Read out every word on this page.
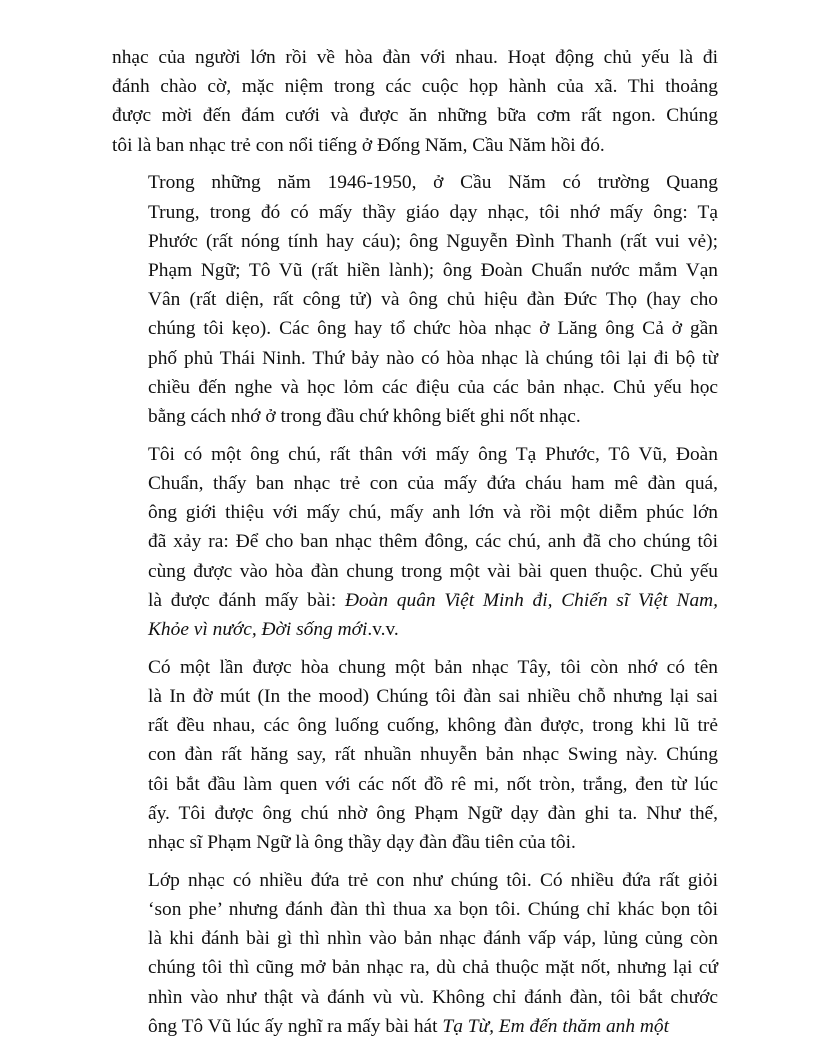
nhạc của người lớn rồi về hòa đàn với nhau. Hoạt động chủ yếu là đi
đánh chào cờ, mặc niệm trong các cuộc họp hành của xã. Thi thoảng
được mời đến đám cưới và được ăn những bữa cơm rất ngon. Chúng
tôi là ban nhạc trẻ con nổi tiếng ở Đống Năm, Cầu Năm hồi đó.

Trong những năm 1946-1950, ở Cầu Năm có trường Quang
Trung, trong đó có mấy thầy giáo dạy nhạc, tôi nhớ mấy ông: Tạ
Phước (rất nóng tính hay cáu); ông Nguyễn Đình Thanh (rất vui vẻ);
Phạm Ngữ; Tô Vũ (rất hiền lành); ông Đoàn Chuẩn nước mắm Vạn
Vân (rất diện, rất công tử) và ông chủ hiệu đàn Đức Thọ (hay cho
chúng tôi kẹo). Các ông hay tổ chức hòa nhạc ở Lăng ông Cả ở gần
phố phủ Thái Ninh. Thứ bảy nào có hòa nhạc là chúng tôi lại đi bộ từ
chiều đến nghe và học lỏm các điệu của các bản nhạc. Chủ yếu học
bằng cách nhớ ở trong đầu chứ không biết ghi nốt nhạc.

Tôi có một ông chú, rất thân với mấy ông Tạ Phước, Tô Vũ, Đoàn
Chuẩn, thấy ban nhạc trẻ con của mấy đứa cháu ham mê đàn quá,
ông giới thiệu với mấy chú, mấy anh lớn và rồi một diễm phúc lớn
đã xảy ra: Để cho ban nhạc thêm đông, các chú, anh đã cho chúng tôi
cùng được vào hòa đàn chung trong một vài bài quen thuộc. Chủ yếu
là được đánh mấy bài: Đoàn quân Việt Minh đi, Chiến sĩ Việt Nam,
Khỏe vì nước, Đời sống mới.v.v.

Có một lần được hòa chung một bản nhạc Tây, tôi còn nhớ có tên
là In đờ mút (In the mood) Chúng tôi đàn sai nhiều chỗ nhưng lại sai
rất đều nhau, các ông luống cuống, không đàn được, trong khi lũ trẻ
con đàn rất hăng say, rất nhuần nhuyễn bản nhạc Swing này. Chúng
tôi bắt đầu làm quen với các nốt đồ rê mi, nốt tròn, trắng, đen từ lúc
ấy. Tôi được ông chú nhờ ông Phạm Ngữ dạy đàn ghi ta. Như thế,
nhạc sĩ Phạm Ngữ là ông thầy dạy đàn đầu tiên của tôi.

Lớp nhạc có nhiều đứa trẻ con như chúng tôi. Có nhiều đứa rất giỏi
‘son phe’ nhưng đánh đàn thì thua xa bọn tôi. Chúng chỉ khác bọn tôi
là khi đánh bài gì thì nhìn vào bản nhạc đánh vấp váp, lủng củng còn
chúng tôi thì cũng mở bản nhạc ra, dù chả thuộc mặt nốt, nhưng lại cứ
nhìn vào như thật và đánh vù vù. Không chỉ đánh đàn, tôi bắt chước
ông Tô Vũ lúc ấy nghĩ ra mấy bài hát Tạ Từ, Em đến thăm anh một
